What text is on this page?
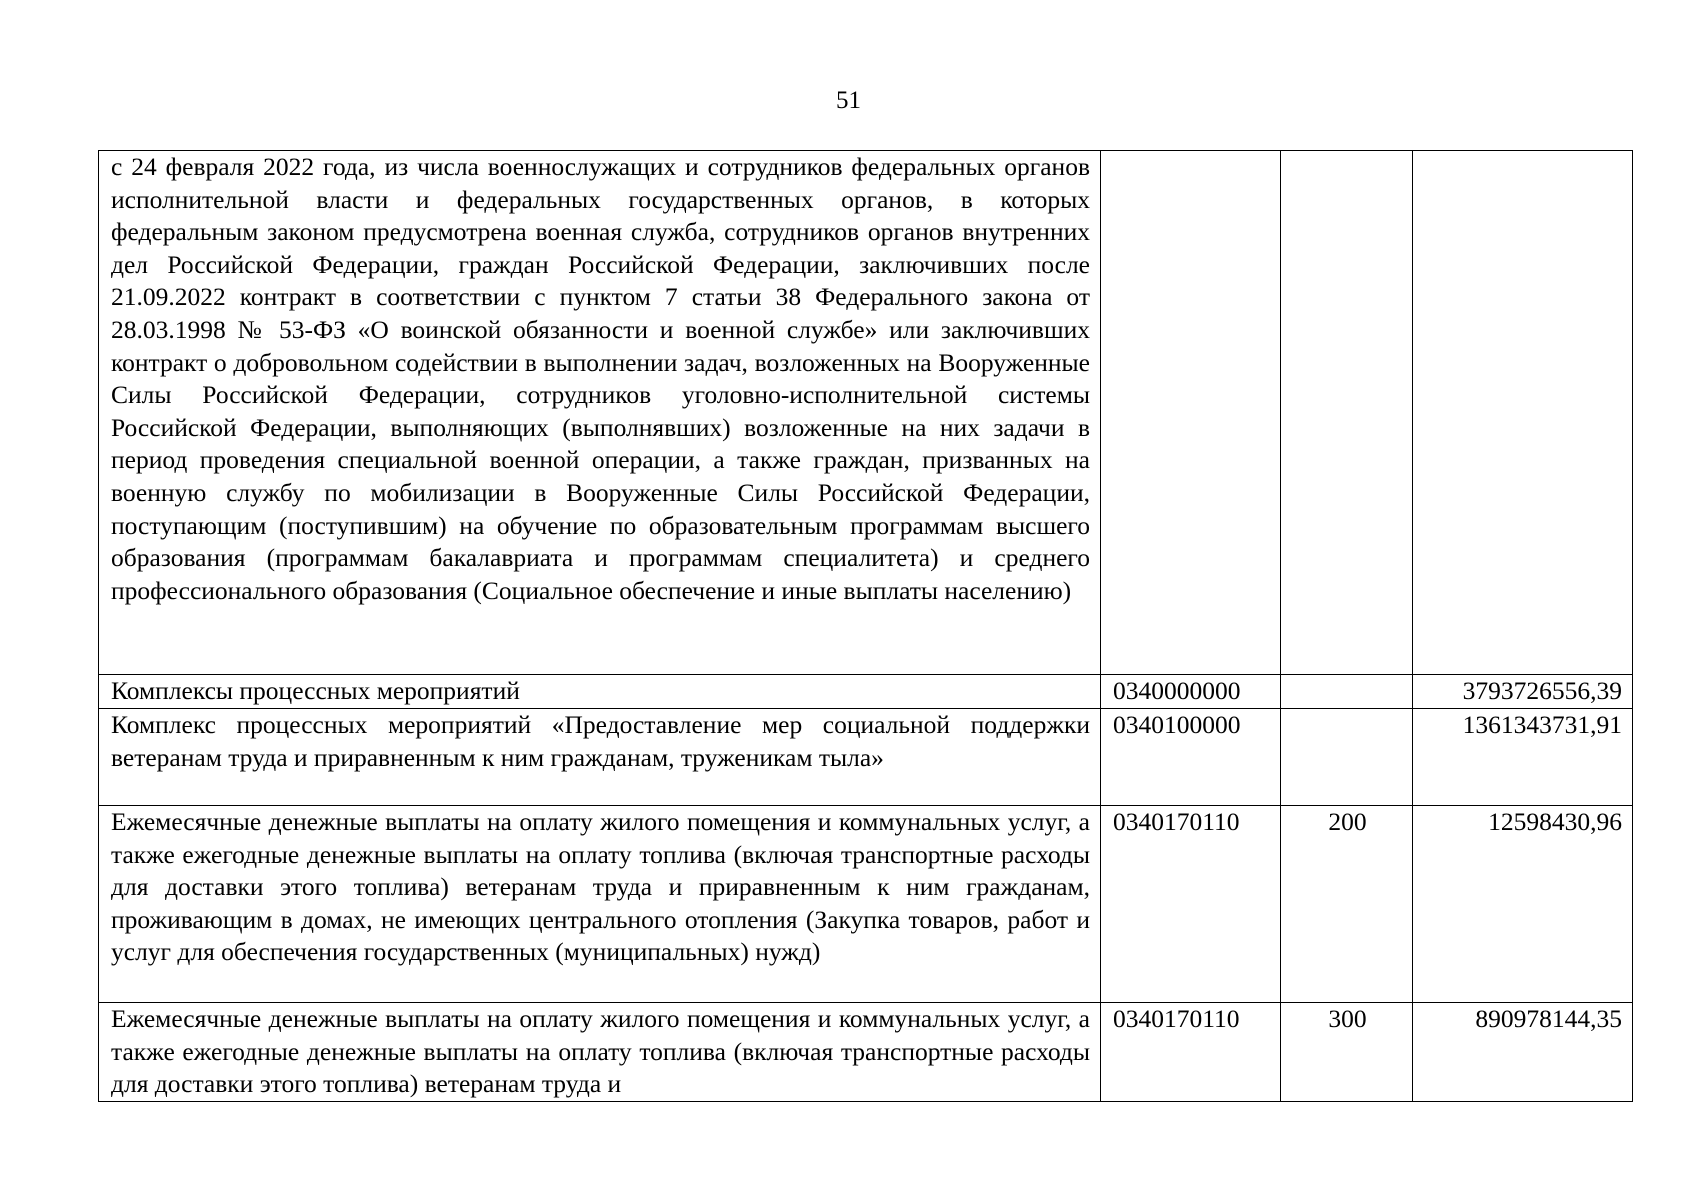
51
с 24 февраля 2022 года, из числа военнослужащих и сотрудников федеральных органов исполнительной власти и федеральных государственных органов, в которых федеральным законом предусмотрена военная служба, сотрудников органов внутренних дел Российской Федерации, граждан Российской Федерации, заключивших после 21.09.2022 контракт в соответствии с пунктом 7 статьи 38 Федерального закона от 28.03.1998 № 53-ФЗ «О воинской обязанности и военной службе» или заключивших контракт о добровольном содействии в выполнении задач, возложенных на Вооруженные Силы Российской Федерации, сотрудников уголовно-исполнительной системы Российской Федерации, выполняющих (выполнявших) возложенные на них задачи в период проведения специальной военной операции, а также граждан, призванных на военную службу по мобилизации в Вооруженные Силы Российской Федерации, поступающим (поступившим) на обучение по образовательным программам высшего образования (программам бакалавриата и программам специалитета) и среднего профессионального образования (Социальное обеспечение и иные выплаты населению)			
Комплексы процессных мероприятий	0340000000		3793726556,39
Комплекс процессных мероприятий «Предоставление мер социальной поддержки ветеранам труда и приравненным к ним гражданам, труженикам тыла»	0340100000		1361343731,91
Ежемесячные денежные выплаты на оплату жилого помещения и коммунальных услуг, а также ежегодные денежные выплаты на оплату топлива (включая транспортные расходы для доставки этого топлива) ветеранам труда и приравненным к ним гражданам, проживающим в домах, не имеющих центрального отопления (Закупка товаров, работ и услуг для обеспечения государственных (муниципальных) нужд)	0340170110	200	12598430,96
Ежемесячные денежные выплаты на оплату жилого помещения и коммунальных услуг, а также ежегодные денежные выплаты на оплату топлива (включая транспортные расходы для доставки этого топлива) ветеранам труда и	0340170110	300	890978144,35
